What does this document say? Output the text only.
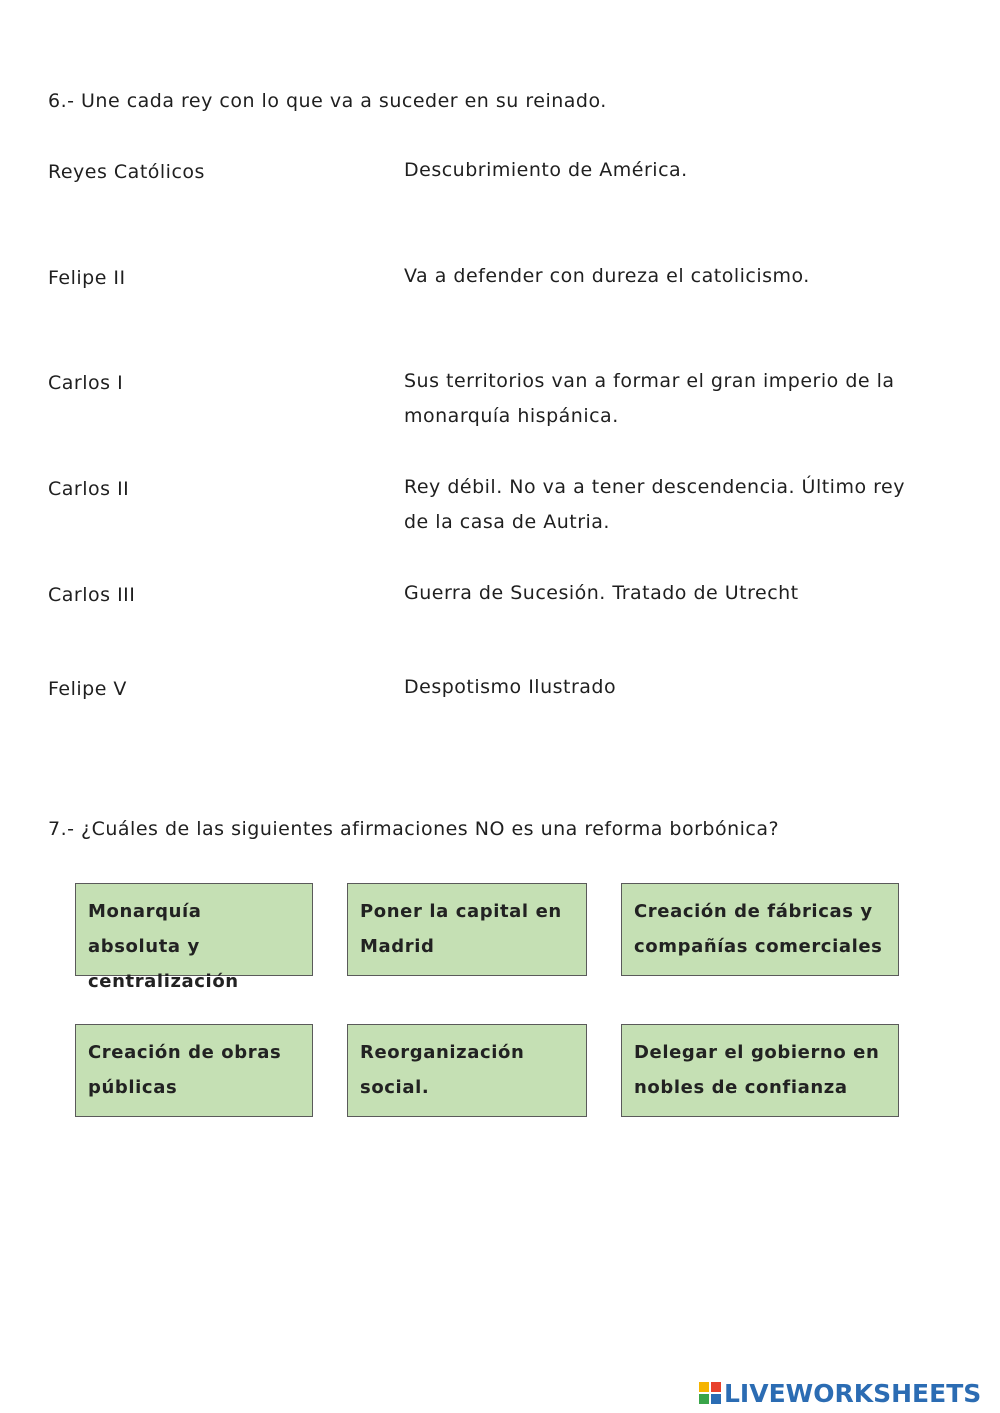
6.- Une cada rey con lo que va a suceder en su reinado.
Reyes Católicos	Descubrimiento de América.
Felipe II	Va a defender con dureza el catolicismo.
Carlos I	Sus territorios van a formar el gran imperio de la monarquía hispánica.
Carlos II	Rey débil. No va a tener descendencia. Último rey de la casa de Autria.
Carlos III	Guerra de Sucesión. Tratado de Utrecht
Felipe V	Despotismo Ilustrado
7.- ¿Cuáles de las siguientes afirmaciones NO es una reforma borbónica?
Monarquía absoluta y centralización
Poner la capital en Madrid
Creación de fábricas y compañías comerciales
Creación de obras públicas
Reorganización social.
Delegar el gobierno en nobles de confianza
LIVEWORKSHEETS
